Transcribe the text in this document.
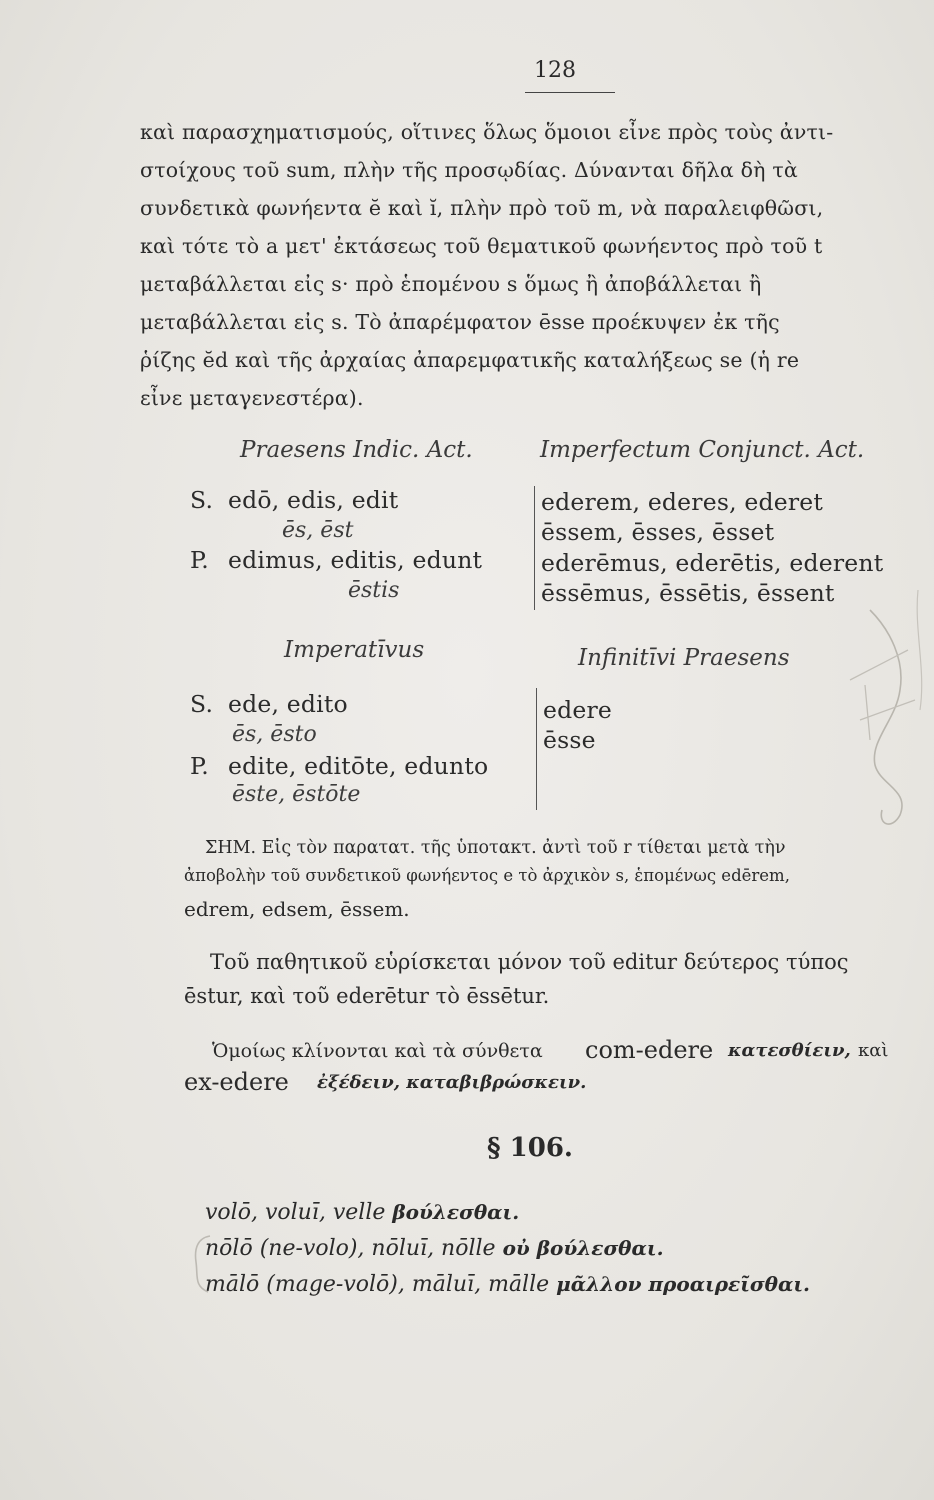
128

καὶ παρασχηματισμούς, οἵτινες ὅλως ὅμοιοι εἶνε πρὸς τοὺς ἀντι-

στοίχους τοῦ sum, πλὴν τῆς προσῳδίας. Δύνανται δῆλα δὴ τὰ

συνδετικὰ φωνήεντα ĕ καὶ ĭ, πλὴν πρὸ τοῦ m, νὰ παραλειφθῶσι,

καὶ τότε τὸ a μετ' ἐκτάσεως τοῦ θεματικοῦ φωνήεντος πρὸ τοῦ t

μεταβάλλεται εἰς s· πρὸ ἑπομένου s ὅμως ἢ ἀποβάλλεται ἢ

μεταβάλλεται εἰς s. Τὸ ἀπαρέμφατον ēsse προέκυψεν ἐκ τῆς

ῥίζης ĕd καὶ τῆς ἀρχαίας ἀπαρεμφατικῆς καταλήξεως se (ἡ re

εἶνε μεταγενεστέρα).

Praesens Indic. Act.
S. edō, edis, edit
ēs, ēst
P. edimus, editis, edunt
ēstis
Imperfectum Conjunct. Act.
ederem, ederes, ederet
ēssem, ēsses, ēsset
ederēmus, ederētis, ederent
ēssēmus, ēssētis, ēssent
Imperatīvus
S. ede, edito
ēs, ēsto
P. edite, editōte, edunto
ēste, ēstōte
Infinitīvi Praesens
edere
ēsse
ΣΗΜ. Εἰς τὸν παρατατ. τῆς ὑποτακτ. ἀντὶ τοῦ r τίθεται μετὰ τὴν
ἀποβολὴν τοῦ συνδετικοῦ φωνήεντος e τὸ ἀρχικὸν s, ἑπομένως edērem,
edrem, edsem, ēssem.

Τοῦ παθητικοῦ εὑρίσκεται μόνον τοῦ editur δεύτερος τύπος

ēstur, καὶ τοῦ ederētur τὸ ēssētur.

Ὁμοίως κλίνονται καὶ τὰ σύνθετα com-edere κατεσθίειν, καὶ
ex-edere ἐξέδειν, καταβιβρώσκειν.
§ 106.

volō, voluī, velle βούλεσθαι.

nōlō (ne-volo), nōluī, nōlle οὐ βούλεσθαι.

mālō (mage-volō), māluī, mālle μᾶλλον προαιρεῖσθαι.
